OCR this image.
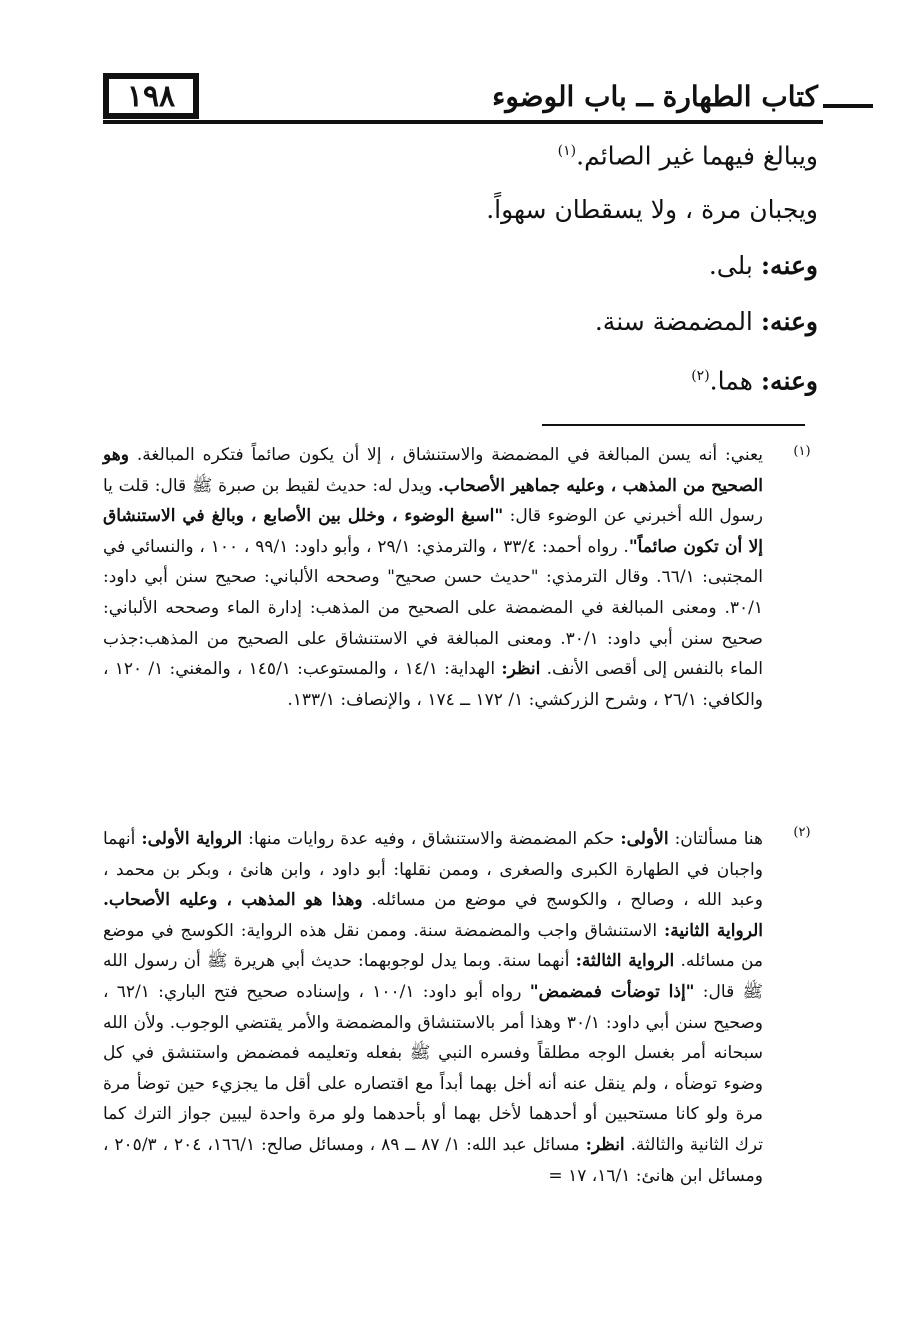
كتاب الطهارة ــ باب الوضوء
١٩٨

ويبالغ فيهما غير الصائم.$^{(١)}$

ويجبان مرة ، ولا يسقطان سهواً.

وعنه: بلى.

وعنه: المضمضة سنة.

وعنه: هما.$^{(٢)}$

(١)
يعني: أنه يسن المبالغة في المضمضة والاستنشاق ، إلا أن يكون صائماً فتكره المبالغة. وهو الصحيح من المذهب ، وعليه جماهير الأصحاب. ويدل له: حديث لقيط بن صبرة ﷺ قال: قلت يا رسول الله أخبرني عن الوضوء قال: "اسبغ الوضوء ، وخلل بين الأصابع ، وبالغ في الاستنشاق إلا أن تكون صائماً". رواه أحمد: ٣٣/٤ ، والترمذي: ٢٩/١ ، وأبو داود: ٩٩/١ ، ١٠٠ ، والنسائي في المجتبى: ٦٦/١. وقال الترمذي: "حديث حسن صحيح" وصححه الألباني: صحيح سنن أبي داود: ٣٠/١. ومعنى المبالغة في المضمضة على الصحيح من المذهب: إدارة الماء وصححه الألباني: صحيح سنن أبي داود: ٣٠/١. ومعنى المبالغة في الاستنشاق على الصحيح من المذهب:جذب الماء بالنفس إلى أقصى الأنف. انظر: الهداية: ١٤/١ ، والمستوعب: ١٤٥/١ ، والمغني: ١/ ١٢٠ ، والكافي: ٢٦/١ ، وشرح الزركشي: ١/ ١٧٢ ــ ١٧٤ ، والإنصاف: ١٣٣/١.
(٢)
هنا مسألتان: الأولى: حكم المضمضة والاستنشاق ، وفيه عدة روايات منها: الرواية الأولى: أنهما واجبان في الطهارة الكبرى والصغرى ، وممن نقلها: أبو داود ، وابن هانئ ، وبكر بن محمد ، وعبد الله ، وصالح ، والكوسج في موضع من مسائله. وهذا هو المذهب ، وعليه الأصحاب. الرواية الثانية: الاستنشاق واجب والمضمضة سنة. وممن نقل هذه الرواية: الكوسج في موضع من مسائله. الرواية الثالثة: أنهما سنة. وبما يدل لوجوبهما: حديث أبي هريرة ﷺ أن رسول الله ﷺ قال: "إذا توضأت فمضمض" رواه أبو داود: ١٠٠/١ ، وإسناده صحيح فتح الباري: ٦٢/١ ، وصحيح سنن أبي داود: ٣٠/١ وهذا أمر بالاستنشاق والمضمضة والأمر يقتضي الوجوب. ولأن الله سبحانه أمر بغسل الوجه مطلقاً وفسره النبي ﷺ بفعله وتعليمه فمضمض واستنشق في كل وضوء توضأه ، ولم ينقل عنه أنه أخل بهما أبداً مع اقتصاره على أقل ما يجزيء حين توضأ مرة مرة ولو كانا مستحبين أو أحدهما لأخل بهما أو بأحدهما ولو مرة واحدة ليبين جواز الترك كما ترك الثانية والثالثة. انظر: مسائل عبد الله: ١/ ٨٧ ــ ٨٩ ، ومسائل صالح: ١٦٦/١، ٢٠٤ ، ٢٠٥/٣ ، ومسائل ابن هانئ: ١٦/١، ١٧ =
